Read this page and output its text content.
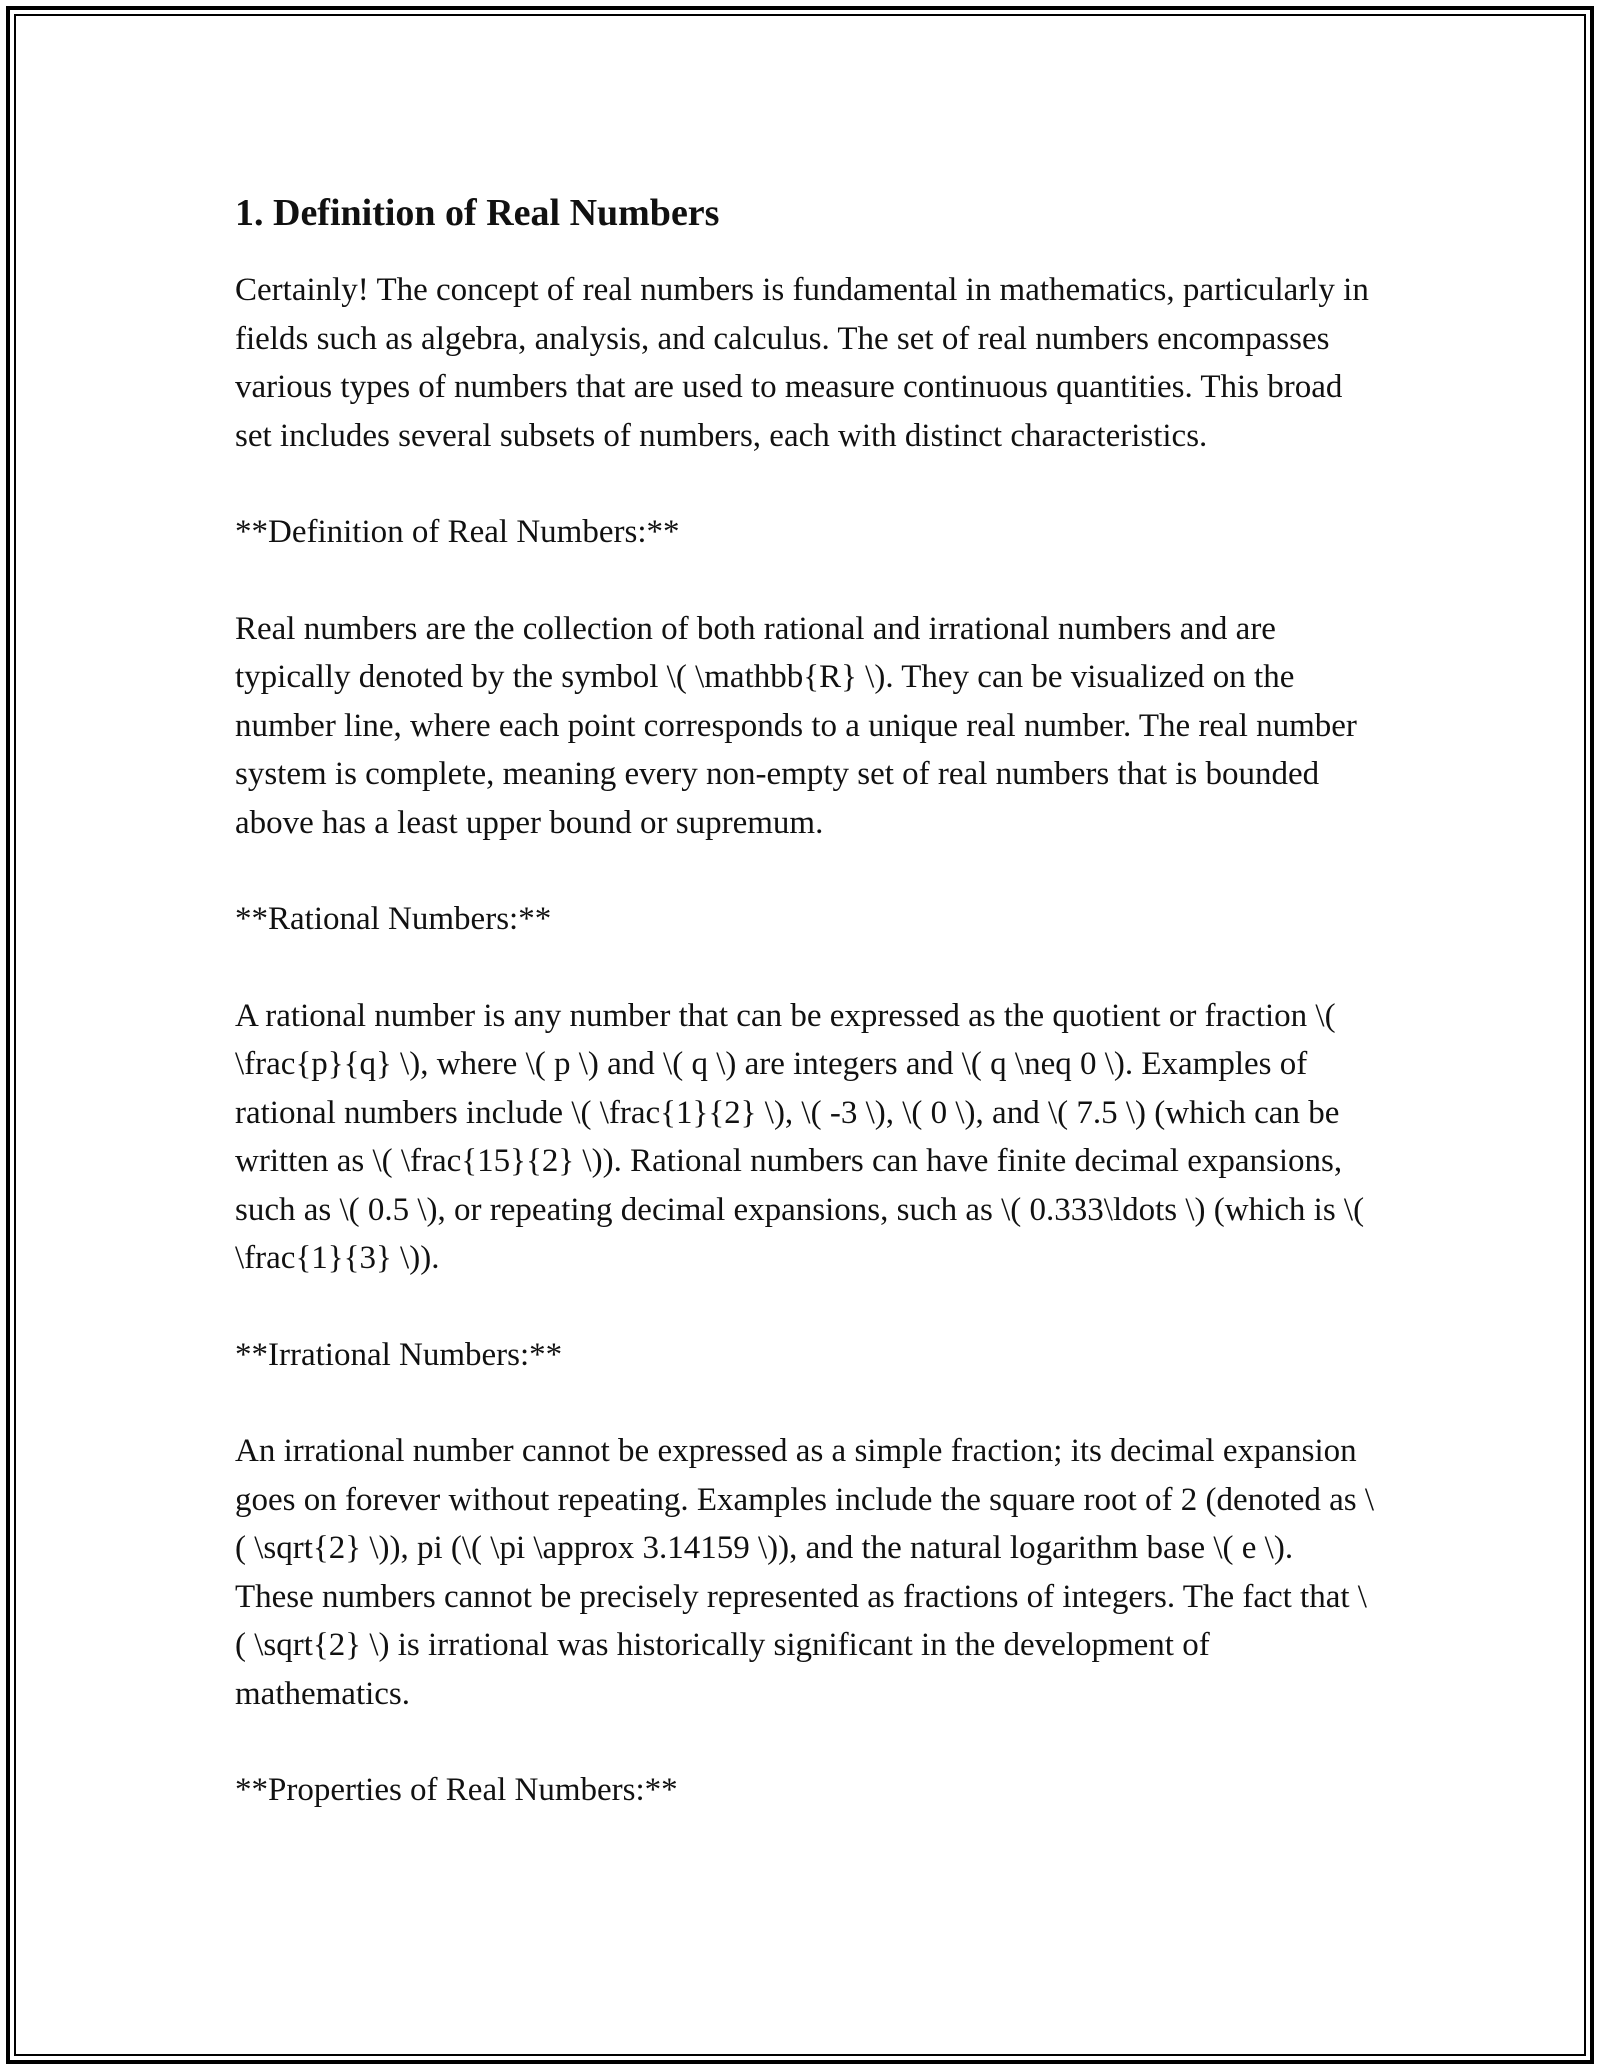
1. Definition of Real Numbers

Certainly! The concept of real numbers is fundamental in mathematics, particularly in fields such as algebra, analysis, and calculus. The set of real numbers encompasses various types of numbers that are used to measure continuous quantities. This broad set includes several subsets of numbers, each with distinct characteristics.

**Definition of Real Numbers:**

Real numbers are the collection of both rational and irrational numbers and are typically denoted by the symbol \( \mathbb{R} \). They can be visualized on the number line, where each point corresponds to a unique real number. The real number system is complete, meaning every non-empty set of real numbers that is bounded above has a least upper bound or supremum.

**Rational Numbers:**

A rational number is any number that can be expressed as the quotient or fraction \( \frac{p}{q} \), where \( p \) and \( q \) are integers and \( q \neq 0 \). Examples of rational numbers include \( \frac{1}{2} \), \( -3 \), \( 0 \), and \( 7.5 \) (which can be written as \( \frac{15}{2} \)). Rational numbers can have finite decimal expansions, such as \( 0.5 \), or repeating decimal expansions, such as \( 0.333\ldots \) (which is \( \frac{1}{3} \)).

**Irrational Numbers:**

An irrational number cannot be expressed as a simple fraction; its decimal expansion goes on forever without repeating. Examples include the square root of 2 (denoted as \( \sqrt{2} \)), pi (\( \pi \approx 3.14159 \)), and the natural logarithm base \( e \). These numbers cannot be precisely represented as fractions of integers. The fact that \( \sqrt{2} \) is irrational was historically significant in the development of mathematics.

**Properties of Real Numbers:**
